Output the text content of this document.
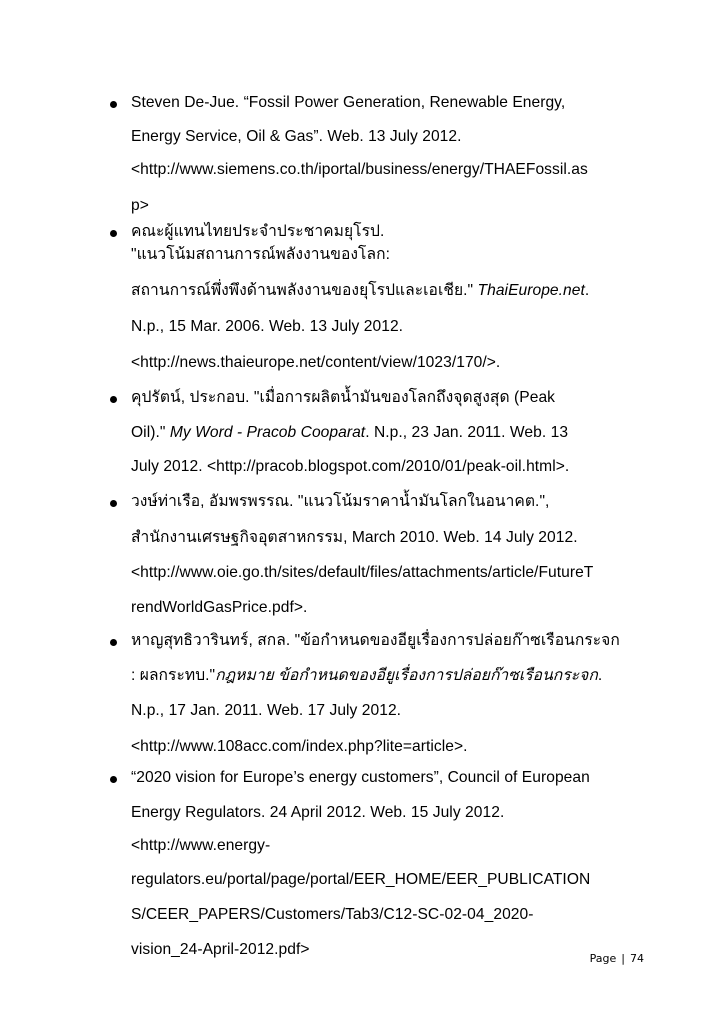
Steven De-Jue. “Fossil Power Generation, Renewable Energy,
Energy Service, Oil & Gas”. Web. 13 July 2012.
<http://www.siemens.co.th/iportal/business/energy/THAEFossil.as
p>
คณะผู้แทนไทยประจำประชาคมยุโรป.
"แนวโน้มสถานการณ์พลังงานของโลก:
สถานการณ์พึ่งพึงด้านพลังงานของยุโรปและเอเชีย." ThaiEurope.net.
N.p., 15 Mar. 2006. Web. 13 July 2012.
<http://news.thaieurope.net/content/view/1023/170/>.
คุปรัตน์, ประกอบ. "เมื่อการผลิตน้ำมันของโลกถึงจุดสูงสุด (Peak
Oil)." My Word - Pracob Cooparat. N.p., 23 Jan. 2011. Web. 13
July 2012. <http://pracob.blogspot.com/2010/01/peak-oil.html>.
วงษ์ท่าเรือ, อัมพรพรรณ. "แนวโน้มราคาน้ำมันโลกในอนาคต.",
สำนักงานเศรษฐกิจอุตสาหกรรม, March 2010. Web. 14 July 2012.
<http://www.oie.go.th/sites/default/files/attachments/article/FutureT
rendWorldGasPrice.pdf>.
หาญสุทธิวารินทร์, สกล. "ข้อกำหนดของอียูเรื่องการปล่อยก๊าซเรือนกระจก
: ผลกระทบ."กฎหมาย ข้อกำหนดของอียูเรื่องการปล่อยก๊าซเรือนกระจก.
N.p., 17 Jan. 2011. Web. 17 July 2012.
<http://www.108acc.com/index.php?lite=article>.
“2020 vision for Europe’s energy customers”, Council of European
Energy Regulators. 24 April 2012. Web. 15 July 2012.
<http://www.energy-
regulators.eu/portal/page/portal/EER_HOME/EER_PUBLICATION
S/CEER_PAPERS/Customers/Tab3/C12-SC-02-04_2020-
vision_24-April-2012.pdf>
Page | 74
